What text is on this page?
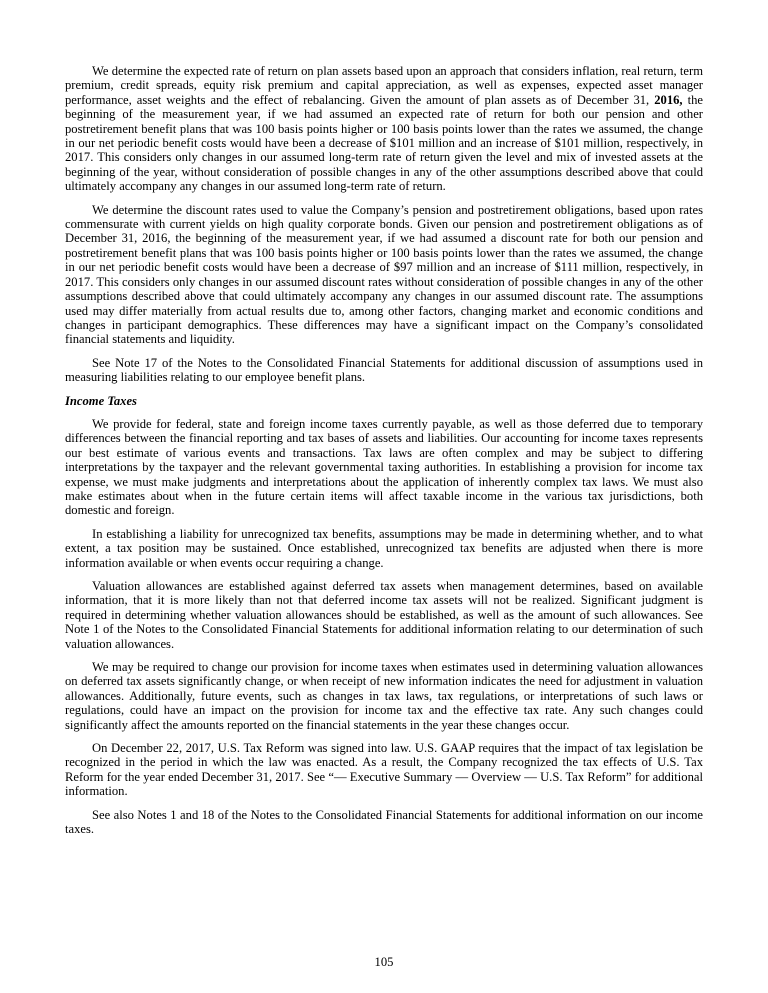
We determine the expected rate of return on plan assets based upon an approach that considers inflation, real return, term premium, credit spreads, equity risk premium and capital appreciation, as well as expenses, expected asset manager performance, asset weights and the effect of rebalancing. Given the amount of plan assets as of December 31, 2016, the beginning of the measurement year, if we had assumed an expected rate of return for both our pension and other postretirement benefit plans that was 100 basis points higher or 100 basis points lower than the rates we assumed, the change in our net periodic benefit costs would have been a decrease of $101 million and an increase of $101 million, respectively, in 2017. This considers only changes in our assumed long-term rate of return given the level and mix of invested assets at the beginning of the year, without consideration of possible changes in any of the other assumptions described above that could ultimately accompany any changes in our assumed long-term rate of return.

We determine the discount rates used to value the Company’s pension and postretirement obligations, based upon rates commensurate with current yields on high quality corporate bonds. Given our pension and postretirement obligations as of December 31, 2016, the beginning of the measurement year, if we had assumed a discount rate for both our pension and postretirement benefit plans that was 100 basis points higher or 100 basis points lower than the rates we assumed, the change in our net periodic benefit costs would have been a decrease of $97 million and an increase of $111 million, respectively, in 2017. This considers only changes in our assumed discount rates without consideration of possible changes in any of the other assumptions described above that could ultimately accompany any changes in our assumed discount rate. The assumptions used may differ materially from actual results due to, among other factors, changing market and economic conditions and changes in participant demographics. These differences may have a significant impact on the Company’s consolidated financial statements and liquidity.

See Note 17 of the Notes to the Consolidated Financial Statements for additional discussion of assumptions used in measuring liabilities relating to our employee benefit plans.

Income Taxes

We provide for federal, state and foreign income taxes currently payable, as well as those deferred due to temporary differences between the financial reporting and tax bases of assets and liabilities. Our accounting for income taxes represents our best estimate of various events and transactions. Tax laws are often complex and may be subject to differing interpretations by the taxpayer and the relevant governmental taxing authorities. In establishing a provision for income tax expense, we must make judgments and interpretations about the application of inherently complex tax laws. We must also make estimates about when in the future certain items will affect taxable income in the various tax jurisdictions, both domestic and foreign.

In establishing a liability for unrecognized tax benefits, assumptions may be made in determining whether, and to what extent, a tax position may be sustained. Once established, unrecognized tax benefits are adjusted when there is more information available or when events occur requiring a change.

Valuation allowances are established against deferred tax assets when management determines, based on available information, that it is more likely than not that deferred income tax assets will not be realized. Significant judgment is required in determining whether valuation allowances should be established, as well as the amount of such allowances. See Note 1 of the Notes to the Consolidated Financial Statements for additional information relating to our determination of such valuation allowances.

We may be required to change our provision for income taxes when estimates used in determining valuation allowances on deferred tax assets significantly change, or when receipt of new information indicates the need for adjustment in valuation allowances. Additionally, future events, such as changes in tax laws, tax regulations, or interpretations of such laws or regulations, could have an impact on the provision for income tax and the effective tax rate. Any such changes could significantly affect the amounts reported on the financial statements in the year these changes occur.

On December 22, 2017, U.S. Tax Reform was signed into law. U.S. GAAP requires that the impact of tax legislation be recognized in the period in which the law was enacted. As a result, the Company recognized the tax effects of U.S. Tax Reform for the year ended December 31, 2017. See “— Executive Summary — Overview — U.S. Tax Reform” for additional information.

See also Notes 1 and 18 of the Notes to the Consolidated Financial Statements for additional information on our income taxes.

105
